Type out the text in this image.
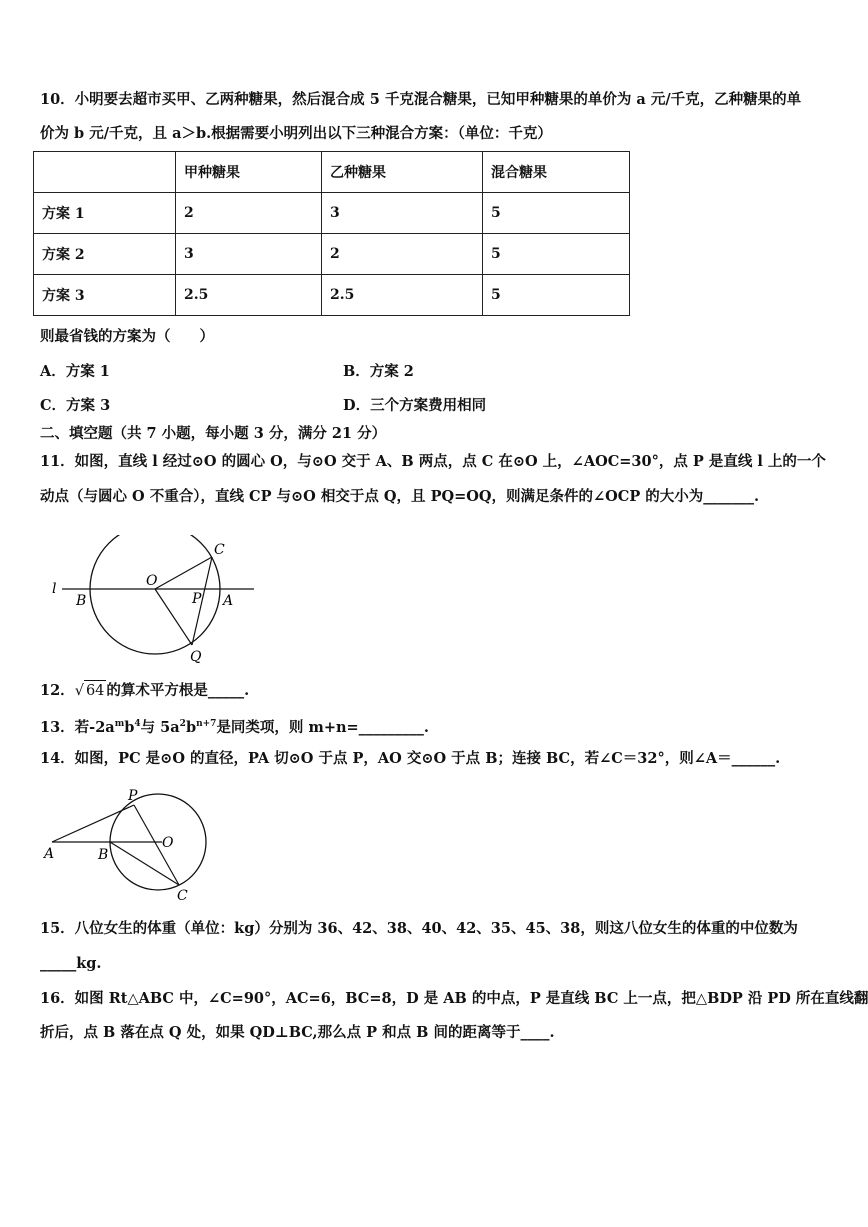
10．小明要去超市买甲、乙两种糖果，然后混合成 5 千克混合糖果，已知甲种糖果的单价为 a 元/千克，乙种糖果的单
价为 b 元/千克，且 a＞b.根据需要小明列出以下三种混合方案：（单位：千克）
	甲种糖果	乙种糖果	混合糖果
方案 1	2	3	5
方案 2	3	2	5
方案 3	2.5	2.5	5
则最省钱的方案为（　　）
A．方案 1	B．方案 2
C．方案 3	D．三个方案费用相同
二、填空题（共 7 小题，每小题 3 分，满分 21 分）
11．如图，直线 l 经过⊙O 的圆心 O，与⊙O 交于 A、B 两点，点 C 在⊙O 上，∠AOC=30°，点 P 是直线 l 上的一个
动点（与圆心 O 不重合），直线 CP 与⊙O 相交于点 Q，且 PQ=OQ，则满足条件的∠OCP 的大小为_______.
l
B
O
P A
C
Q
12．√ 64 的算术平方根是_____.
13．若$-2a^mb^4$与 $5a^2b^{n+7}$是同类项，则 m+n=_________.
14．如图，PC 是⊙O 的直径，PA 切⊙O 于点 P，AO 交⊙O 于点 B；连接 BC，若∠C＝32°，则∠A＝______.
P
O
A	B
C
15．八位女生的体重（单位：kg）分别为 36、42、38、40、42、35、45、38，则这八位女生的体重的中位数为
_____kg.
16．如图 Rt△ABC 中，∠C=90°，AC=6，BC=8，D 是 AB 的中点，P 是直线 BC 上一点，把△BDP 沿 PD 所在直线翻
折后，点 B 落在点 Q 处，如果 QD⊥BC,那么点 P 和点 B 间的距离等于____.
